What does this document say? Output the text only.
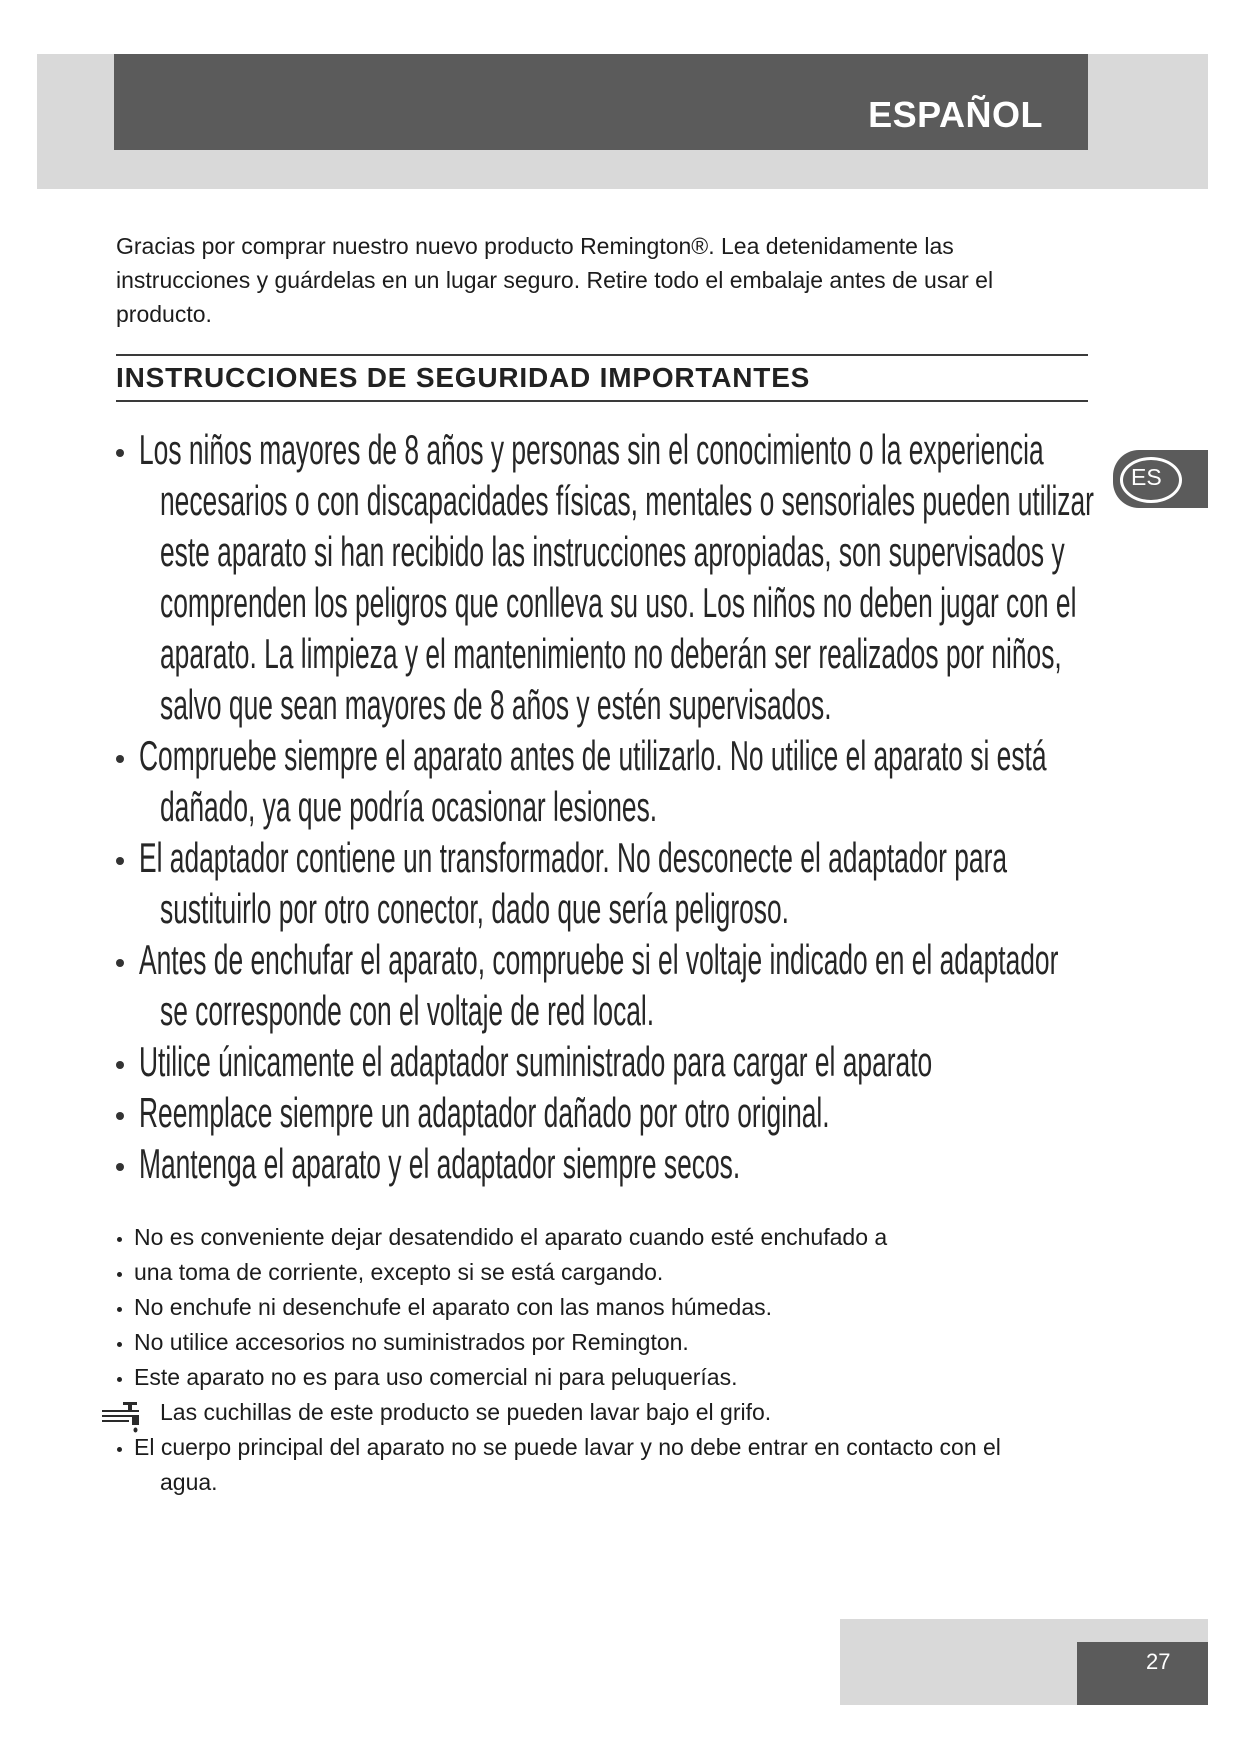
ESPAÑOL
ES
Gracias por comprar nuestro nuevo producto Remington®. Lea detenidamente las
instrucciones y guárdelas en un lugar seguro. Retire todo el embalaje antes de usar el
producto.
INSTRUCCIONES DE SEGURIDAD IMPORTANTES
Los niños mayores de 8 años y personas sin el conocimiento o la experiencia
necesarios o con discapacidades físicas, mentales o sensoriales pueden utilizar
este aparato si han recibido las instrucciones apropiadas, son supervisados y
comprenden los peligros que conlleva su uso. Los niños no deben jugar con el
aparato. La limpieza y el mantenimiento no deberán ser realizados por niños,
salvo que sean mayores de 8 años y estén supervisados.
Compruebe siempre el aparato antes de utilizarlo. No utilice el aparato si está
dañado, ya que podría ocasionar lesiones.
El adaptador contiene un transformador. No desconecte el adaptador para
sustituirlo por otro conector, dado que sería peligroso.
Antes de enchufar el aparato, compruebe si el voltaje indicado en el adaptador
se corresponde con el voltaje de red local.
Utilice únicamente el adaptador suministrado para cargar el aparato
Reemplace siempre un adaptador dañado por otro original.
Mantenga el aparato y el adaptador siempre secos.
No es conveniente dejar desatendido el aparato cuando esté enchufado a
una toma de corriente, excepto si se está cargando.
No enchufe ni desenchufe el aparato con las manos húmedas.
No utilice accesorios no suministrados por Remington.
Este aparato no es para uso comercial ni para peluquerías.
Las cuchillas de este producto se pueden lavar bajo el grifo.
El cuerpo principal del aparato no se puede lavar y no debe entrar en contacto con el
agua.
27
